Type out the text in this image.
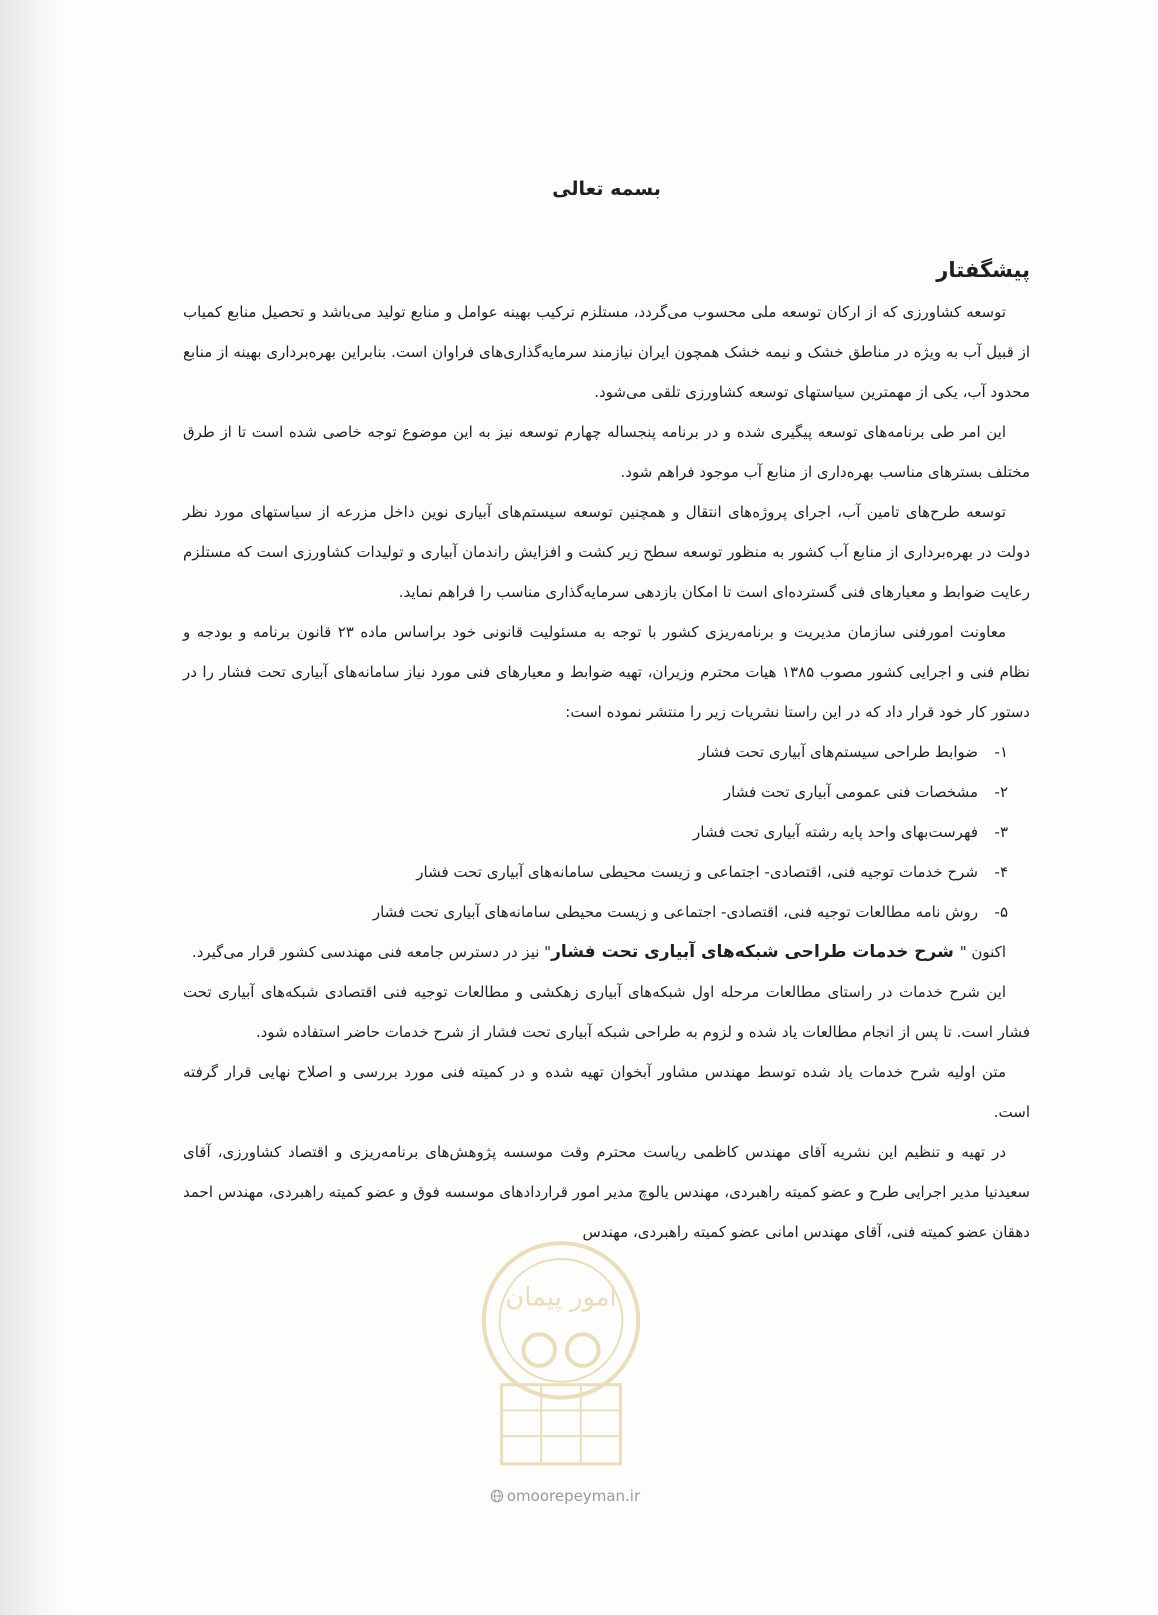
بسمه تعالی
پیشگفتار

توسعه کشاورزی که از ارکان توسعه ملی محسوب می‌گردد، مستلزم ترکیب بهینه عوامل و منابع تولید می‌باشد و تحصیل منابع کمیاب از قبیل آب به ویژه در مناطق خشک و نیمه خشک همچون ایران نیازمند سرمایه‌گذاری‌های فراوان است. بنابراین بهره‌برداری بهینه از منابع محدود آب، یکی از مهمترین سیاستهای توسعه کشاورزی تلقی می‌شود.

این امر طی برنامه‌های توسعه پیگیری شده و در برنامه پنجساله چهارم توسعه نیز به این موضوع توجه خاصی شده است تا از طرق مختلف بسترهای مناسب بهره‌داری از منابع آب موجود فراهم شود.

توسعه طرح‌های تامین آب، اجرای پروژه‌های انتقال و همچنین توسعه سیستم‌های آبیاری نوین داخل مزرعه از سیاستهای مورد نظر دولت در بهره‌برداری از منابع آب کشور به منظور توسعه سطح زیر کشت و افزایش راندمان آبیاری و تولیدات کشاورزی است که مستلزم رعایت ضوابط و معیارهای فنی گسترده‌ای است تا امکان بازدهی سرمایه‌گذاری مناسب را فراهم نماید.

معاونت امورفنی سازمان مدیریت و برنامه‌ریزی کشور با توجه به مسئولیت قانونی خود براساس ماده ۲۳ قانون برنامه و بودجه و نظام فنی و اجرایی کشور مصوب ۱۳۸۵ هیات محترم وزیران، تهیه ضوابط و معیارهای فنی مورد نیاز سامانه‌های آبیاری تحت فشار را در دستور کار خود قرار داد که در این راستا نشریات زیر را منتشر نموده است:

۱-ضوابط طراحی سیستم‌های آبیاری تحت فشار
۲-مشخصات فنی عمومی آبیاری تحت فشار
۳-فهرست‌بهای واحد پایه رشته آبیاری تحت فشار
۴-شرح خدمات توجیه فنی، اقتصادی- اجتماعی و زیست محیطی سامانه‌های آبیاری تحت فشار
۵-روش نامه مطالعات توجیه فنی، اقتصادی- اجتماعی و زیست محیطی سامانه‌های آبیاری تحت فشار

اکنون " شرح خدمات طراحی شبکه‌های آبیاری تحت فشار" نیز در دسترس جامعه فنی مهندسی کشور قرار می‌گیرد.

این شرح خدمات در راستای مطالعات مرحله اول شبکه‌های آبیاری زهکشی و مطالعات توجیه فنی اقتصادی شبکه‌های آبیاری تحت فشار است. تا پس از انجام مطالعات یاد شده و لزوم به طراحی شبکه آبیاری تحت فشار از شرح خدمات حاضر استفاده شود.

متن اولیه شرح خدمات یاد شده توسط مهندس مشاور آبخوان تهیه شده و در کمیته فنی مورد بررسی و اصلاح نهایی قرار گرفته است.

در تهیه و تنظیم این نشریه آقای مهندس کاظمی ریاست محترم وقت موسسه پژوهش‌های برنامه‌ریزی و اقتصاد کشاورزی، آقای سعیدنیا مدیر اجرایی طرح و عضو کمیته راهبردی، مهندس یالوچ مدیر امور قراردادهای موسسه فوق و عضو کمیته راهبردی، مهندس احمد دهقان عضو کمیته فنی، آقای مهندس امانی عضو کمیته راهبردی، مهندس

امور پیمان
omoorepeyman.ir
